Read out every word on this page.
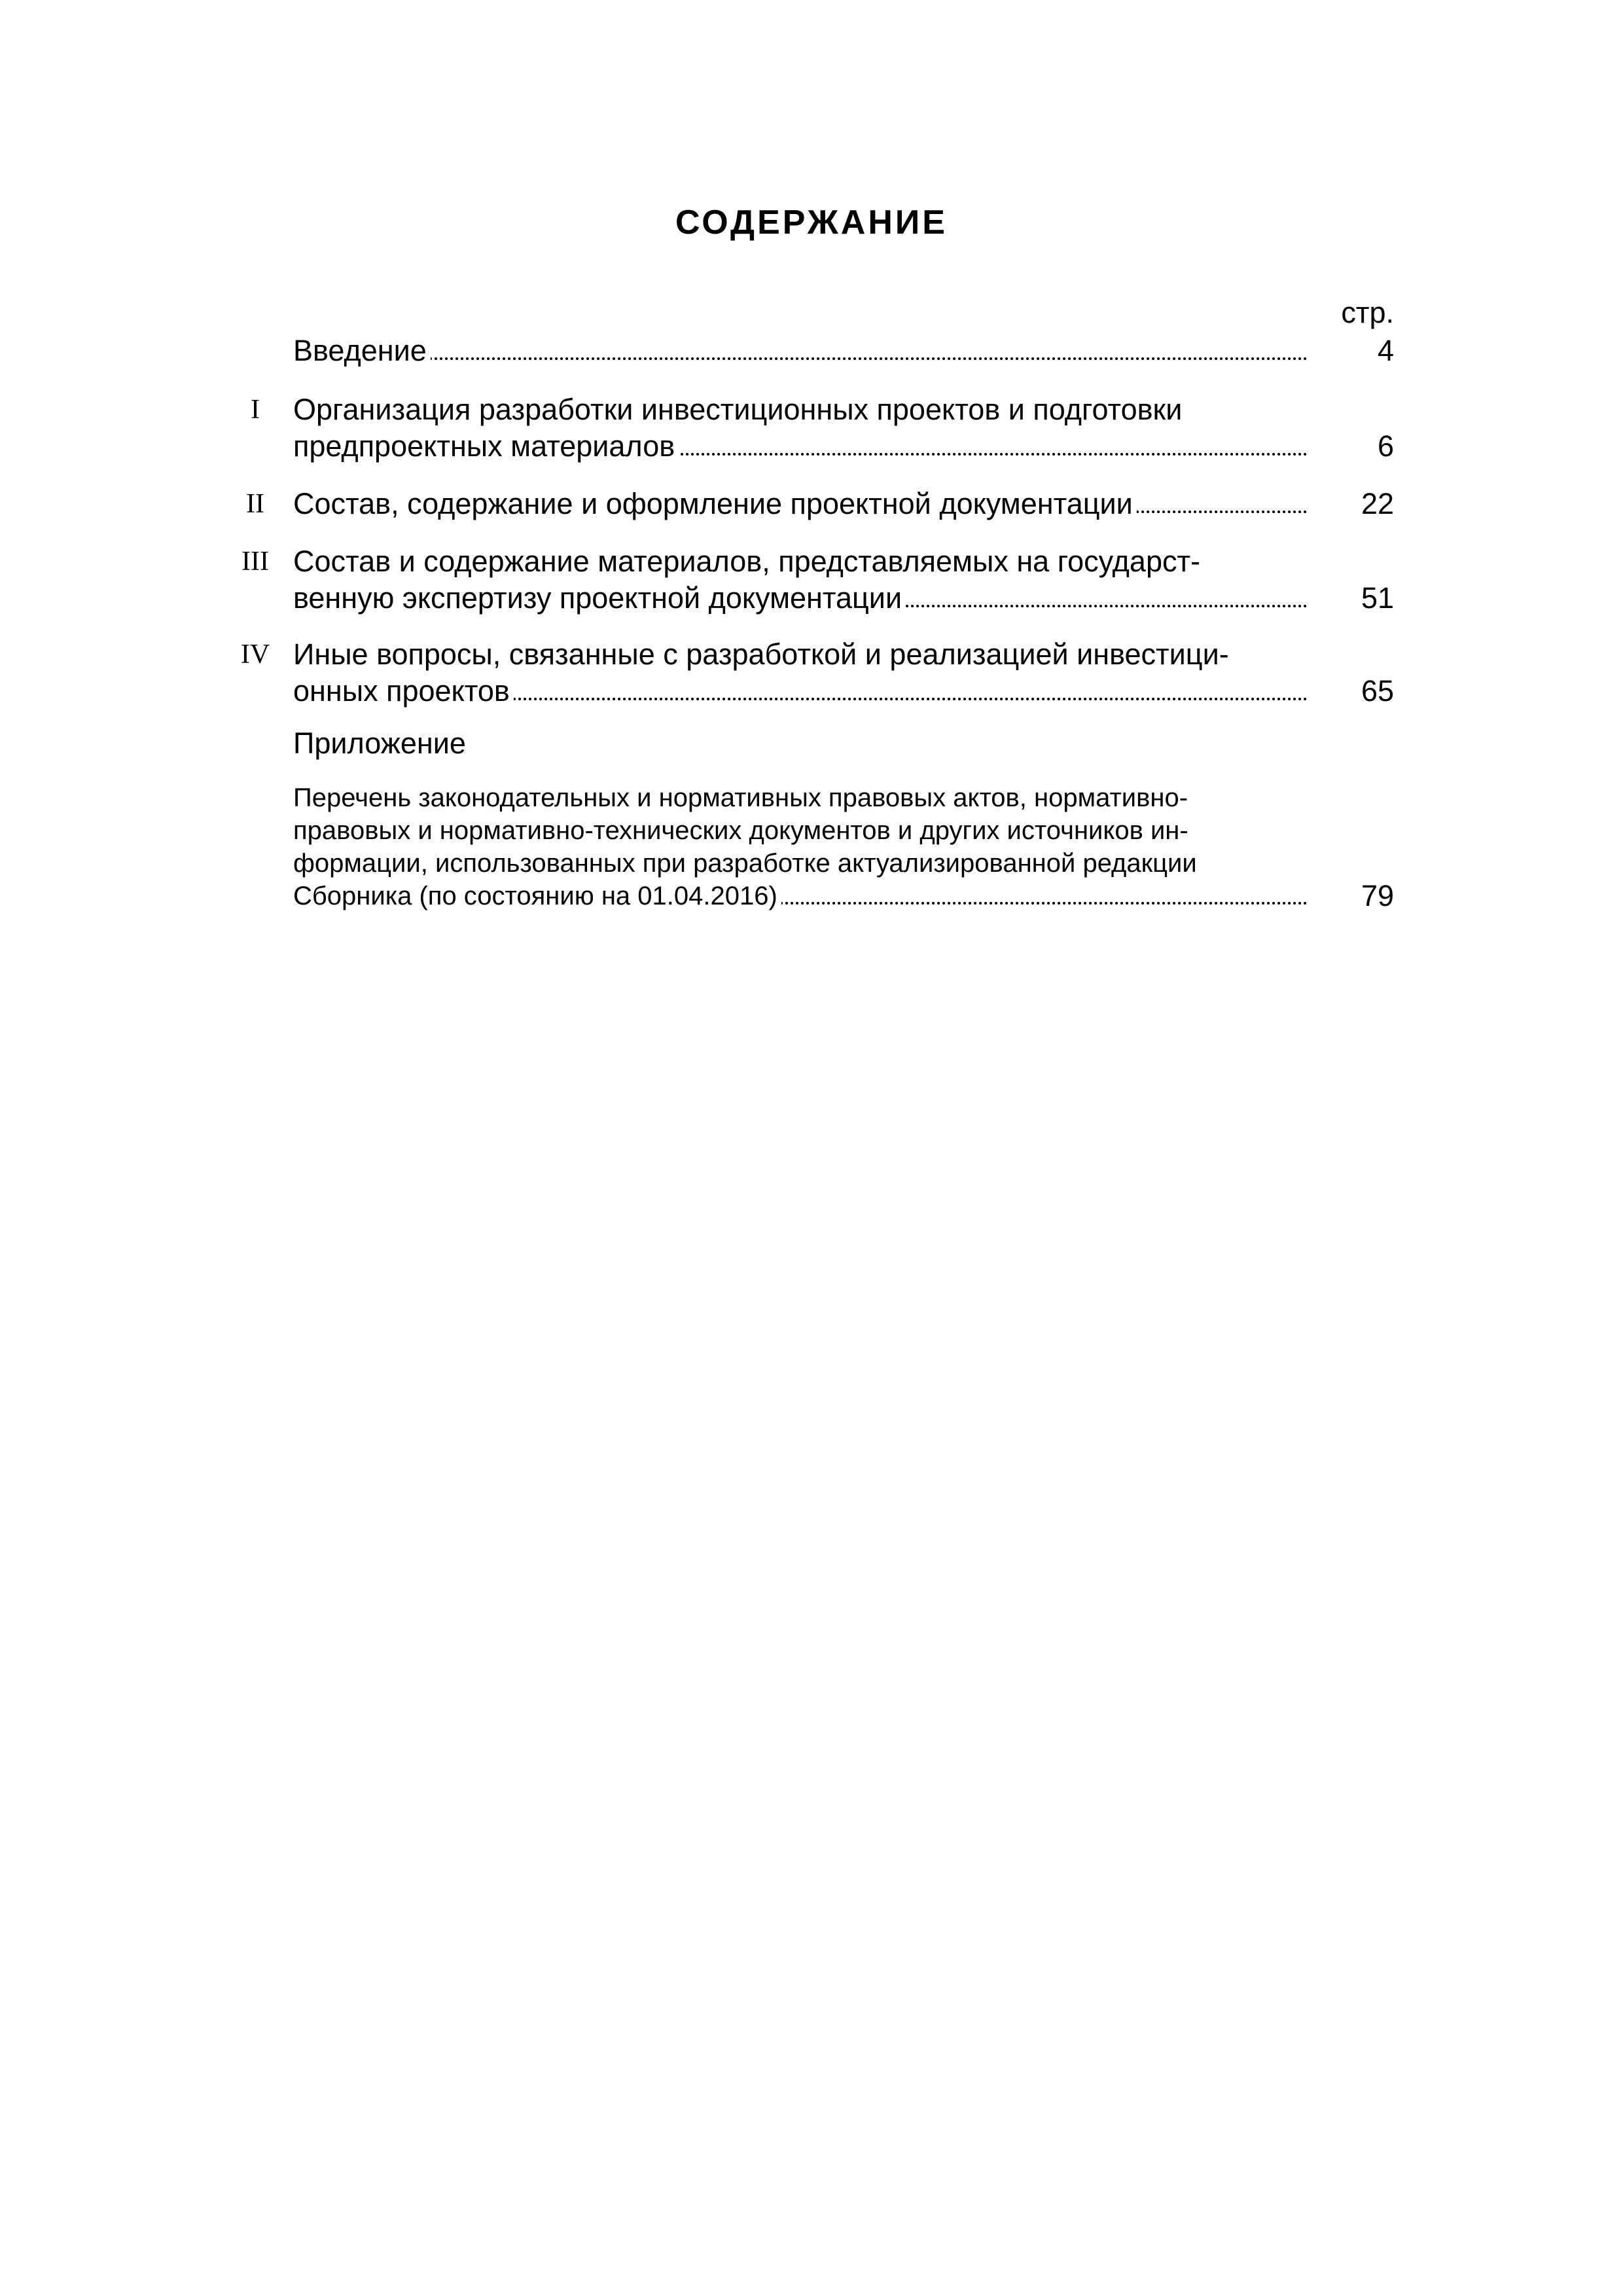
СОДЕРЖАНИЕ
стр.
Введение	4
I	Организация разработки инвестиционных проектов и подготовки
предпроектных материалов	6
II Состав, содержание и оформление проектной документации	22
III Состав и содержание материалов, представляемых на государст-
венную экспертизу проектной документации	51
IV Иные вопросы, связанные с разработкой и реализацией инвестици-
онных проектов	65
Приложение
Перечень законодательных и нормативных правовых актов, нормативно-
правовых и нормативно-технических документов и других источников ин-
формации, использованных при разработке актуализированной редакции
Сборника (по состоянию на 01.04.2016)	79
